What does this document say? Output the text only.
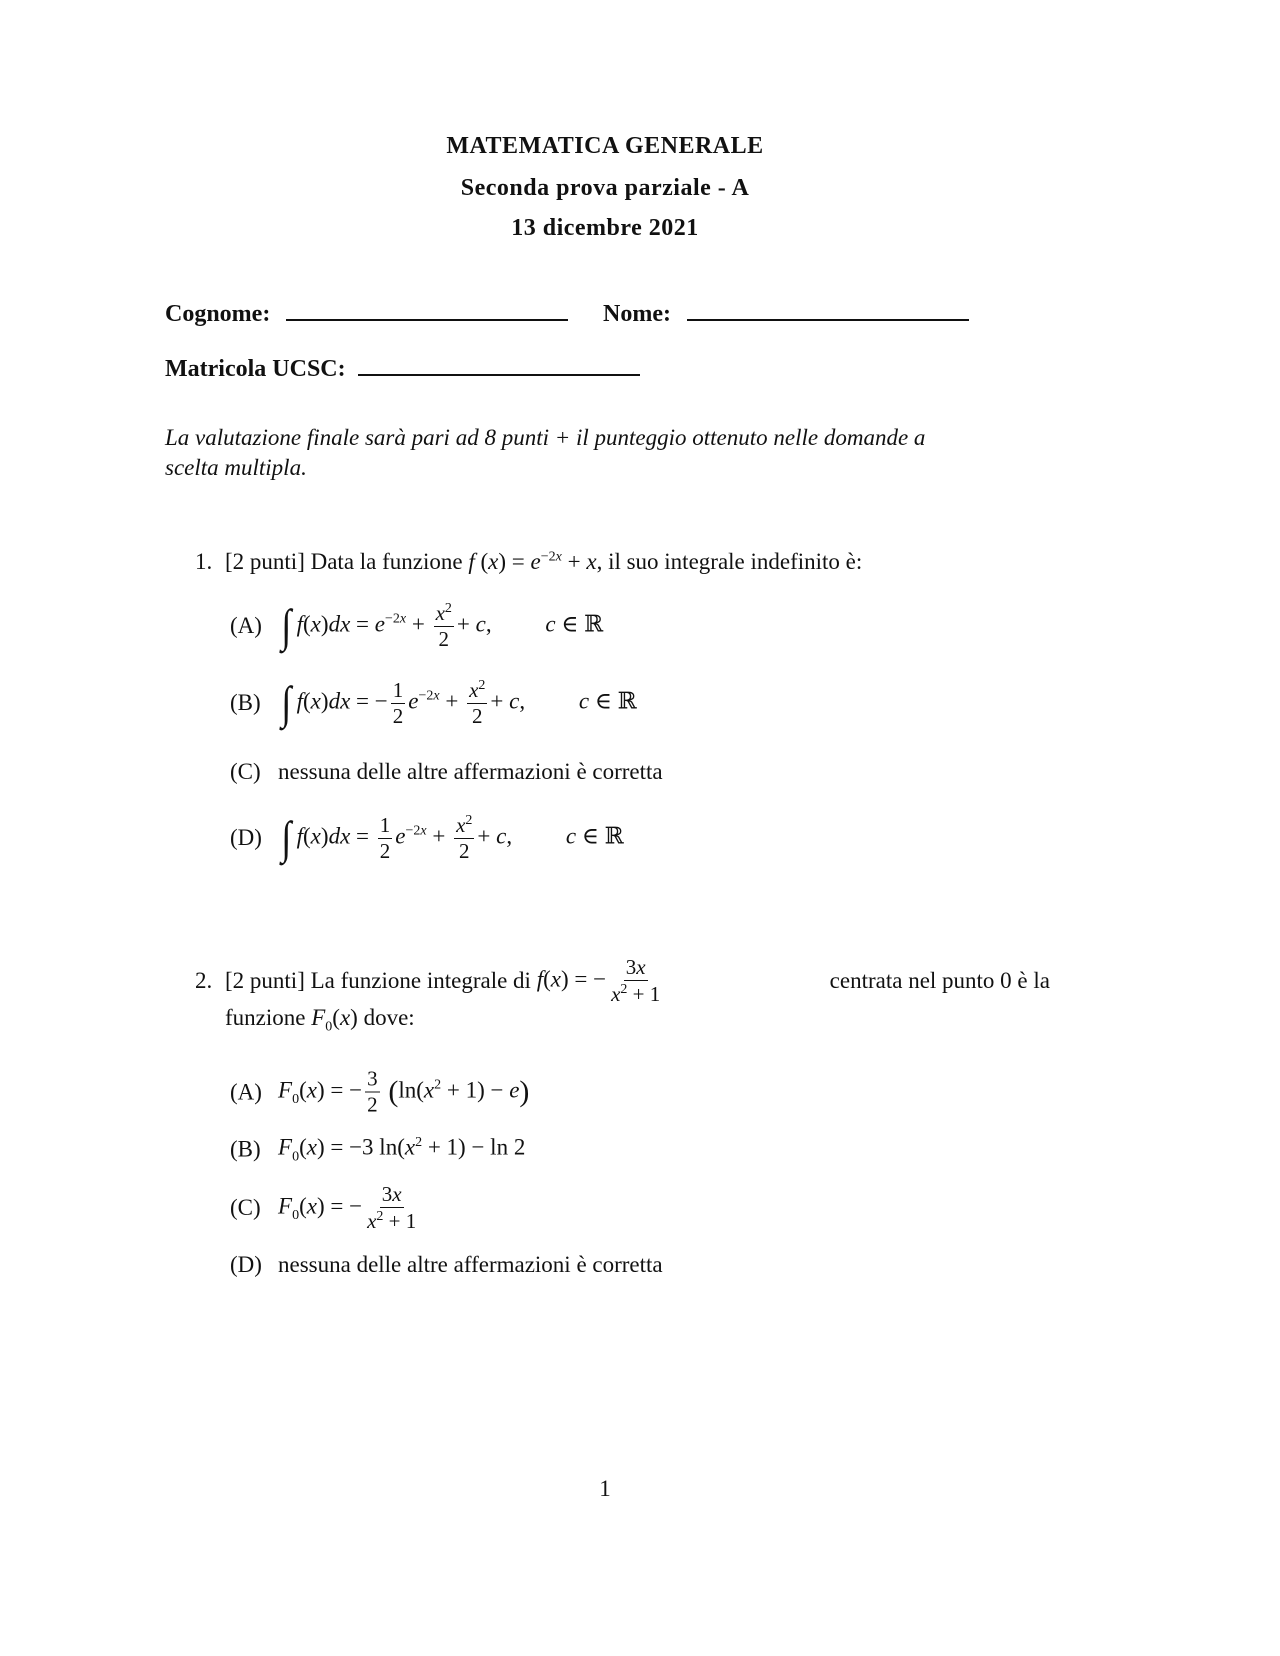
MATEMATICA GENERALE
Seconda prova parziale - A
13 dicembre 2021
Cognome:	Nome:
Matricola UCSC:
La valutazione finale sarà pari ad 8 punti + il punteggio ottenuto nelle domande a
scelta multipla.
1. [2 punti]
Data la funzione
f $(x) = e^{-2x} + x$ , il suo integrale indefinito è:
(A) ∫ $f(x)dx = e^{-2x} + \frac{x^2}{2} + c$, c ∈ ℝ
(B) ∫ f(x)dx = − $\frac{1}{2} e^{-2x} + \frac{x^2}{2} + c$, c ∈ ℝ
(C) nessuna delle altre affermazioni è corretta
(D) ∫ $f(x)dx = \frac{1}{2} e^{-2x} + \frac{x^2}{2} + c$, c ∈ ℝ
2. [2 punti]
La funzione integrale di
f(x) = − $\frac{3x}{x^2 + 1}$	centrata nel punto 0 è la
funzione $F_0(x)$ dove:
(A) $F_0(x)$ = − $\frac{3}{2} (\ln(x^2 + 1) - e)$
(B) $F_0(x) = -3$ $\ln(x^2 + 1) - \ln 2$
(C) $F_0(x)$ = − $\frac{3x}{x^2 + 1}$
(D) nessuna delle altre affermazioni è corretta
1
